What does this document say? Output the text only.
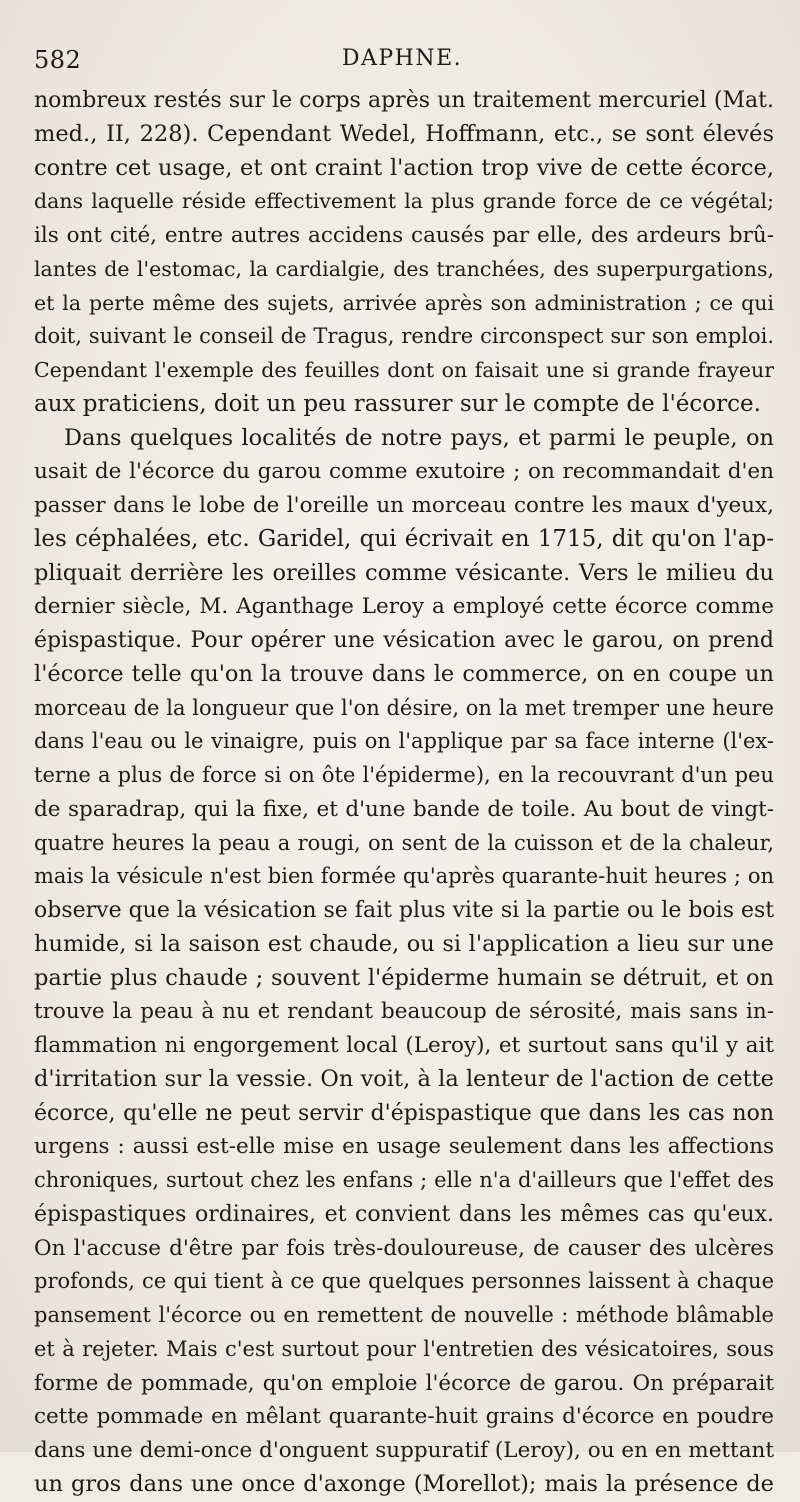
582	DAPHNE.
nombreux restés sur le corps après un traitement mercuriel (Mat.
med., II, 228). Cependant Wedel, Hoffmann, etc., se sont élevés
contre cet usage, et ont craint l'action trop vive de cette écorce,
dans laquelle réside effectivement la plus grande force de ce végétal;
ils ont cité, entre autres accidens causés par elle, des ardeurs brû-
lantes de l'estomac, la cardialgie, des tranchées, des superpurgations,
et la perte même des sujets, arrivée après son administration ; ce qui
doit, suivant le conseil de Tragus, rendre circonspect sur son emploi.
Cependant l'exemple des feuilles dont on faisait une si grande frayeur
aux praticiens, doit un peu rassurer sur le compte de l'écorce.
Dans quelques localités de notre pays, et parmi le peuple, on
usait de l'écorce du garou comme exutoire ; on recommandait d'en
passer dans le lobe de l'oreille un morceau contre les maux d'yeux,
les céphalées, etc. Garidel, qui écrivait en 1715, dit qu'on l'ap-
pliquait derrière les oreilles comme vésicante. Vers le milieu du
dernier siècle, M. Aganthage Leroy a employé cette écorce comme
épispastique. Pour opérer une vésication avec le garou, on prend
l'écorce telle qu'on la trouve dans le commerce, on en coupe un
morceau de la longueur que l'on désire, on la met tremper une heure
dans l'eau ou le vinaigre, puis on l'applique par sa face interne (l'ex-
terne a plus de force si on ôte l'épiderme), en la recouvrant d'un peu
de sparadrap, qui la fixe, et d'une bande de toile. Au bout de vingt-
quatre heures la peau a rougi, on sent de la cuisson et de la chaleur,
mais la vésicule n'est bien formée qu'après quarante-huit heures ; on
observe que la vésication se fait plus vite si la partie ou le bois est
humide, si la saison est chaude, ou si l'application a lieu sur une
partie plus chaude ; souvent l'épiderme humain se détruit, et on
trouve la peau à nu et rendant beaucoup de sérosité, mais sans in-
flammation ni engorgement local (Leroy), et surtout sans qu'il y ait
d'irritation sur la vessie. On voit, à la lenteur de l'action de cette
écorce, qu'elle ne peut servir d'épispastique que dans les cas non
urgens : aussi est-elle mise en usage seulement dans les affections
chroniques, surtout chez les enfans ; elle n'a d'ailleurs que l'effet des
épispastiques ordinaires, et convient dans les mêmes cas qu'eux.
On l'accuse d'être par fois très-douloureuse, de causer des ulcères
profonds, ce qui tient à ce que quelques personnes laissent à chaque
pansement l'écorce ou en remettent de nouvelle : méthode blâmable
et à rejeter. Mais c'est surtout pour l'entretien des vésicatoires, sous
forme de pommade, qu'on emploie l'écorce de garou. On préparait
cette pommade en mêlant quarante-huit grains d'écorce en poudre
dans une demi-once d'onguent suppuratif (Leroy), ou en en mettant
un gros dans une once d'axonge (Morellot); mais la présence de
